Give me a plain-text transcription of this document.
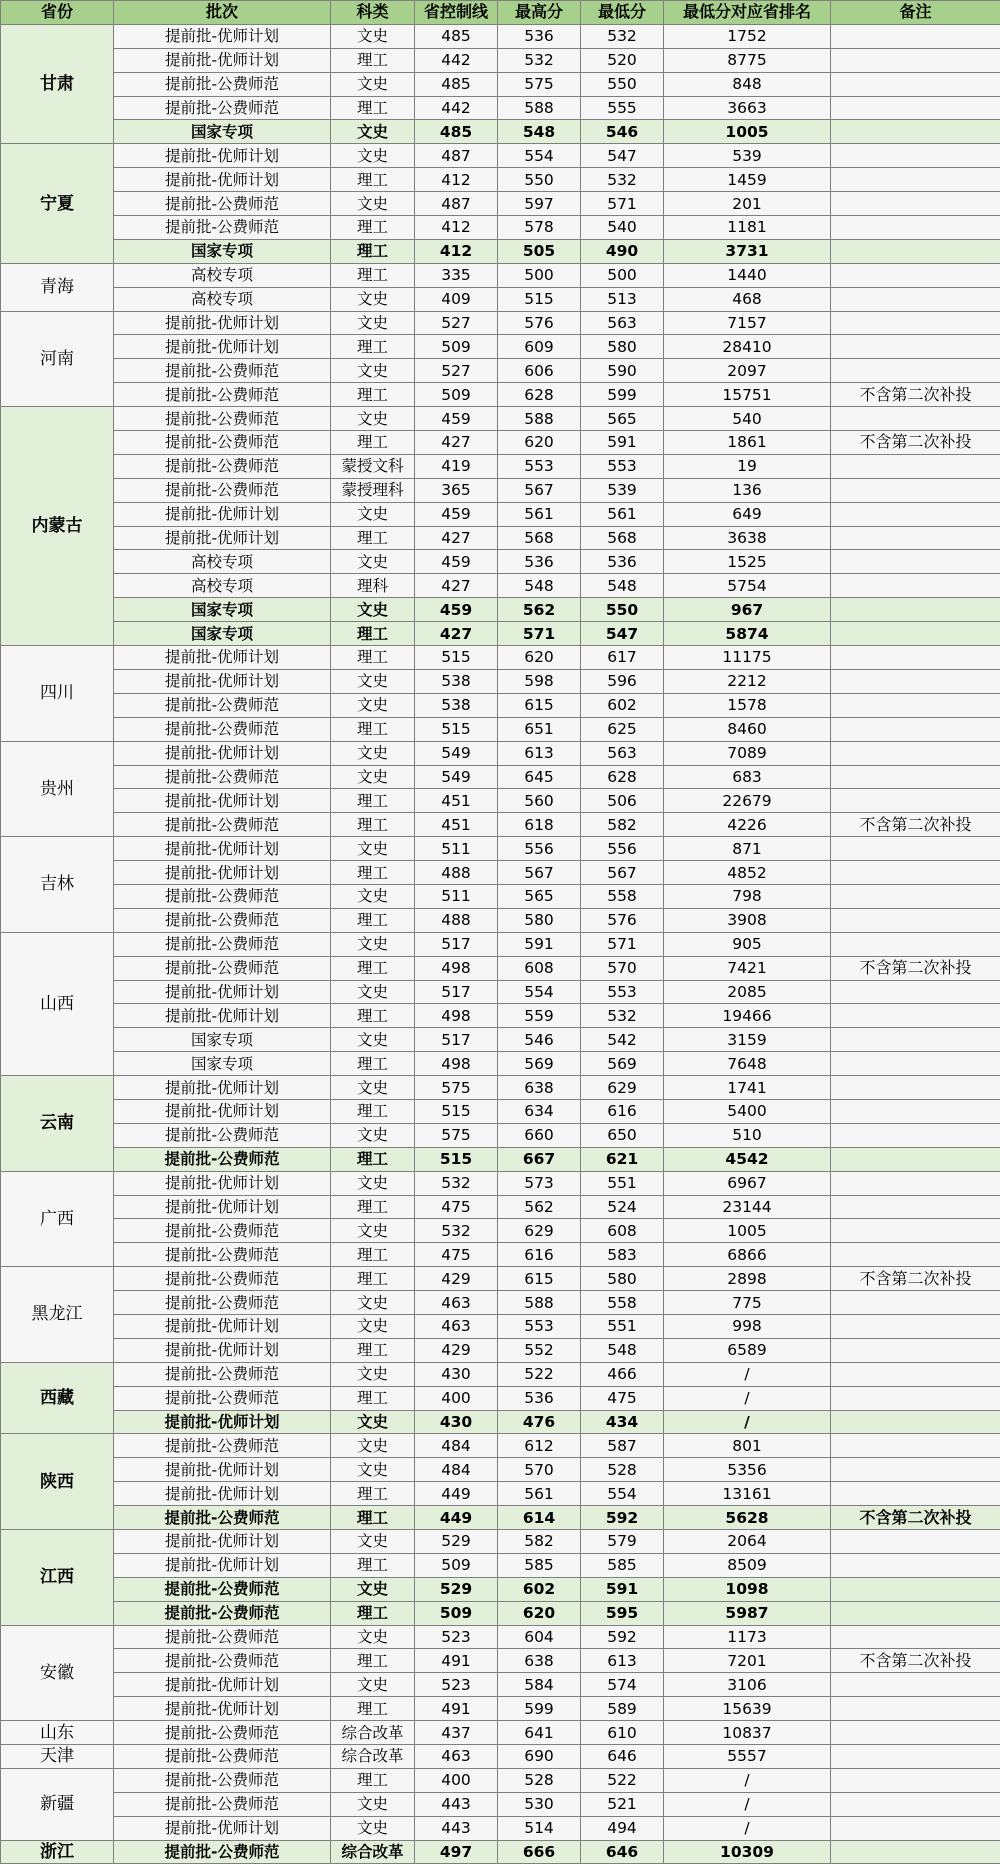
省份	批次	科类	省控制线	最高分	最低分	最低分对应省排名	备注
甘肃	提前批-优师计划	文史	485	536	532	1752	
	提前批-优师计划	理工	442	532	520	8775	
	提前批-公费师范	文史	485	575	550	848	
	提前批-公费师范	理工	442	588	555	3663	
	国家专项	文史	485	548	546	1005	
宁夏	提前批-优师计划	文史	487	554	547	539	
	提前批-优师计划	理工	412	550	532	1459	
	提前批-公费师范	文史	487	597	571	201	
	提前批-公费师范	理工	412	578	540	1181	
	国家专项	理工	412	505	490	3731	
青海	高校专项	理工	335	500	500	1440	
	高校专项	文史	409	515	513	468	
河南	提前批-优师计划	文史	527	576	563	7157	
	提前批-优师计划	理工	509	609	580	28410	
	提前批-公费师范	文史	527	606	590	2097	
	提前批-公费师范	理工	509	628	599	15751	不含第二次补投
内蒙古	提前批-公费师范	文史	459	588	565	540	
	提前批-公费师范	理工	427	620	591	1861	不含第二次补投
	提前批-公费师范	蒙授文科	419	553	553	19	
	提前批-公费师范	蒙授理科	365	567	539	136	
	提前批-优师计划	文史	459	561	561	649	
	提前批-优师计划	理工	427	568	568	3638	
	高校专项	文史	459	536	536	1525	
	高校专项	理科	427	548	548	5754	
	国家专项	文史	459	562	550	967	
	国家专项	理工	427	571	547	5874	
四川	提前批-优师计划	理工	515	620	617	11175	
	提前批-优师计划	文史	538	598	596	2212	
	提前批-公费师范	文史	538	615	602	1578	
	提前批-公费师范	理工	515	651	625	8460	
贵州	提前批-优师计划	文史	549	613	563	7089	
	提前批-公费师范	文史	549	645	628	683	
	提前批-优师计划	理工	451	560	506	22679	
	提前批-公费师范	理工	451	618	582	4226	不含第二次补投
吉林	提前批-优师计划	文史	511	556	556	871	
	提前批-优师计划	理工	488	567	567	4852	
	提前批-公费师范	文史	511	565	558	798	
	提前批-公费师范	理工	488	580	576	3908	
山西	提前批-公费师范	文史	517	591	571	905	
	提前批-公费师范	理工	498	608	570	7421	不含第二次补投
	提前批-优师计划	文史	517	554	553	2085	
	提前批-优师计划	理工	498	559	532	19466	
	国家专项	文史	517	546	542	3159	
	国家专项	理工	498	569	569	7648	
云南	提前批-优师计划	文史	575	638	629	1741	
	提前批-优师计划	理工	515	634	616	5400	
	提前批-公费师范	文史	575	660	650	510	
	提前批-公费师范	理工	515	667	621	4542	
广西	提前批-优师计划	文史	532	573	551	6967	
	提前批-优师计划	理工	475	562	524	23144	
	提前批-公费师范	文史	532	629	608	1005	
	提前批-公费师范	理工	475	616	583	6866	
黑龙江	提前批-公费师范	理工	429	615	580	2898	不含第二次补投
	提前批-公费师范	文史	463	588	558	775	
	提前批-优师计划	文史	463	553	551	998	
	提前批-优师计划	理工	429	552	548	6589	
西藏	提前批-公费师范	文史	430	522	466	/	
	提前批-公费师范	理工	400	536	475	/	
	提前批-优师计划	文史	430	476	434	/	
陕西	提前批-公费师范	文史	484	612	587	801	
	提前批-优师计划	文史	484	570	528	5356	
	提前批-优师计划	理工	449	561	554	13161	
	提前批-公费师范	理工	449	614	592	5628	不含第二次补投
江西	提前批-优师计划	文史	529	582	579	2064	
	提前批-优师计划	理工	509	585	585	8509	
	提前批-公费师范	文史	529	602	591	1098	
	提前批-公费师范	理工	509	620	595	5987	
安徽	提前批-公费师范	文史	523	604	592	1173	
	提前批-公费师范	理工	491	638	613	7201	不含第二次补投
	提前批-优师计划	文史	523	584	574	3106	
	提前批-优师计划	理工	491	599	589	15639	
山东	提前批-公费师范	综合改革	437	641	610	10837	
天津	提前批-公费师范	综合改革	463	690	646	5557	
新疆	提前批-公费师范	理工	400	528	522	/	
	提前批-公费师范	文史	443	530	521	/	
	提前批-优师计划	文史	443	514	494	/	
浙江	提前批-公费师范	综合改革	497	666	646	10309	
